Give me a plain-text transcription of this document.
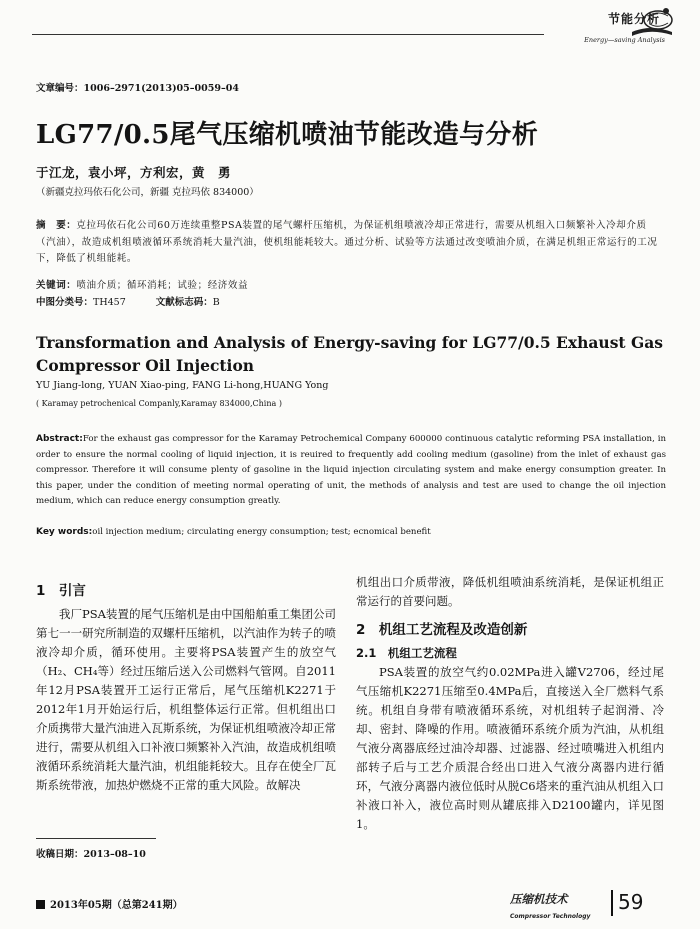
节能分析
Energy—saving Analysis
文章编号：1006–2971(2013)05–0059–04
LG77/0.5尾气压缩机喷油节能改造与分析
于江龙，袁小坪，方利宏，黄　勇
（新疆克拉玛依石化公司，新疆 克拉玛依 834000）
摘　要：克拉玛依石化公司60万连续重整PSA装置的尾气螺杆压缩机，为保证机组喷液冷却正常进行，需要从机组入口频繁补入冷却介质（汽油），故造成机组喷液循环系统消耗大量汽油，使机组能耗较大。通过分析、试验等方法通过改变喷油介质，在满足机组正常运行的工况下，降低了机组能耗。
关键词：喷油介质；循环消耗；试验；经济效益
中图分类号：TH457	文献标志码：B
Transformation and Analysis of Energy-saving for LG77/0.5 Exhaust Gas Compressor Oil Injection
YU Jiang-long, YUAN Xiao-ping, FANG Li-hong,HUANG Yong
( Karamay petrochenical Companly,Karamay 834000,China )
Abstract:For the exhaust gas compressor for the Karamay Petrochemical Company 600000 continuous catalytic reforming PSA installation, in order to ensure the normal cooling of liquid injection, it is reuired to frequently add cooling medium (gasoline) from the inlet of exhaust gas compressor. Therefore it will consume plenty of gasoline in the liquid injection circulating system and make energy consumption greater. In this paper, under the condition of meeting normal operating of unit, the methods of analysis and test are used to change the oil injection medium, which can reduce energy consumption greatly.
Key words:oil injection medium; circulating energy consumption; test; ecnomical benefit
1　引言
我厂PSA装置的尾气压缩机是由中国船舶重工集团公司第七一一研究所制造的双螺杆压缩机，以汽油作为转子的喷液冷却介质，循环使用。主要将PSA装置产生的放空气（H₂、CH₄等）经过压缩后送入公司燃料气管网。自2011年12月PSA装置开工运行正常后，尾气压缩机K2271于2012年1月开始运行后，机组整体运行正常。但机组出口介质携带大量汽油进入瓦斯系统，为保证机组喷液冷却正常进行，需要从机组入口补液口频繁补入汽油，故造成机组喷液循环系统消耗大量汽油，机组能耗较大。且存在使全厂瓦斯系统带液，加热炉燃烧不正常的重大风险。故解决
机组出口介质带液，降低机组喷油系统消耗，是保证机组正常运行的首要问题。
2　机组工艺流程及改造创新
2.1　机组工艺流程
PSA装置的放空气约0.02MPa进入罐V2706，经过尾气压缩机K2271压缩至0.4MPa后，直接送入全厂燃料气系统。机组自身带有喷液循环系统，对机组转子起润滑、冷却、密封、降噪的作用。喷液循环系统介质为汽油，从机组气液分离器底经过油冷却器、过滤器、经过喷嘴进入机组内部转子后与工艺介质混合经出口进入气液分离器内进行循环，气液分离器内液位低时从脱C6塔来的重汽油从机组入口补液口补入，液位高时则从罐底排入D2100罐内，详见图1。
收稿日期：2013–08–10
2013年05期（总第241期）	压缩机技术
Compressor Technology
59
